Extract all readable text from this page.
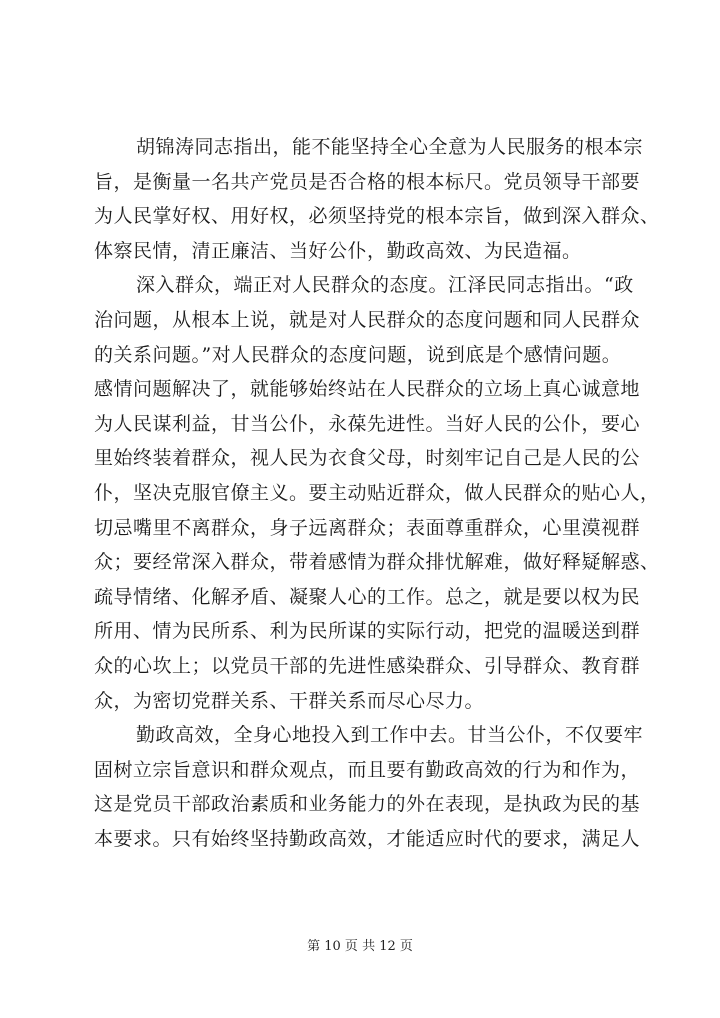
胡锦涛同志指出，能不能坚持全心全意为人民服务的根本宗
旨，是衡量一名共产党员是否合格的根本标尺。党员领导干部要
为人民掌好权、用好权，必须坚持党的根本宗旨，做到深入群众、
体察民情，清正廉洁、当好公仆，勤政高效、为民造福。
深入群众，端正对人民群众的态度。江泽民同志指出。“政
治问题，从根本上说，就是对人民群众的态度问题和同人民群众
的关系问题。”对人民群众的态度问题，说到底是个感情问题。
感情问题解决了，就能够始终站在人民群众的立场上真心诚意地
为人民谋利益，甘当公仆，永葆先进性。当好人民的公仆，要心
里始终装着群众，视人民为衣食父母，时刻牢记自己是人民的公
仆，坚决克服官僚主义。要主动贴近群众，做人民群众的贴心人，
切忌嘴里不离群众，身子远离群众；表面尊重群众，心里漠视群
众；要经常深入群众，带着感情为群众排忧解难，做好释疑解惑、
疏导情绪、化解矛盾、凝聚人心的工作。总之，就是要以权为民
所用、情为民所系、利为民所谋的实际行动，把党的温暖送到群
众的心坎上；以党员干部的先进性感染群众、引导群众、教育群
众，为密切党群关系、干群关系而尽心尽力。
勤政高效，全身心地投入到工作中去。甘当公仆，不仅要牢
固树立宗旨意识和群众观点，而且要有勤政高效的行为和作为，
这是党员干部政治素质和业务能力的外在表现，是执政为民的基
本要求。只有始终坚持勤政高效，才能适应时代的要求，满足人
第 10 页 共 12 页
